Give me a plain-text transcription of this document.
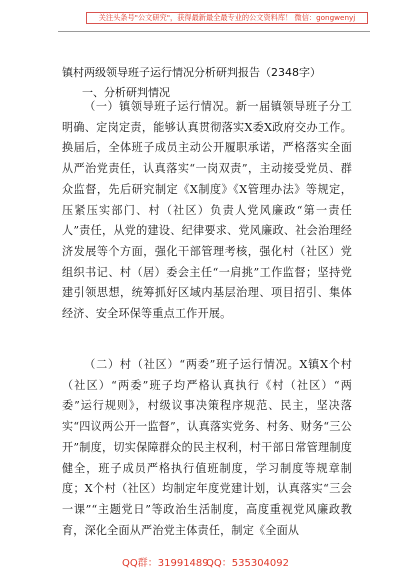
关注头条号"公文研究"，获得最新最全最专业的公文资料库！ 微信：gongwenyj
镇村两级领导班子运行情况分析研判报告（2348字）
一、分析研判情况

（一）镇领导班子运行情况。新一届镇领导班子分工明确、定岗定责，能够认真贯彻落实X委X政府交办工作。换届后，全体班子成员主动公开履职承诺，严格落实全面从严治党责任，认真落实“一岗双责”，主动接受党员、群众监督，先后研究制定《X制度》《X管理办法》等规定，压紧压实部门、村（社区）负责人党风廉政“第一责任人”责任，从党的建设、纪律要求、党风廉政、社会治理经济发展等个方面，强化干部管理考核，强化村（社区）党组织书记、村（居）委会主任“一肩挑”工作监督；坚持党建引领思想，统筹抓好区域内基层治理、项目招引、集体经济、安全环保等重点工作开展。

（二）村（社区）“两委”班子运行情况。X镇X个村（社区）“两委”班子均严格认真执行《村（社区）“两委”运行规则》，村级议事决策程序规范、民主，坚决落实“四议两公开一监督”，认真落实党务、村务、财务“三公开”制度，切实保障群众的民主权利，村干部日常管理制度健全，班子成员严格执行值班制度，学习制度等规章制度；X个村（社区）均制定年度党建计划，认真落实“三会一课”“主题党日”等政治生活制度，高度重视党风廉政教育，深化全面从严治党主体责任，制定《全面从

QQ群：31991489
QQ：535304092
